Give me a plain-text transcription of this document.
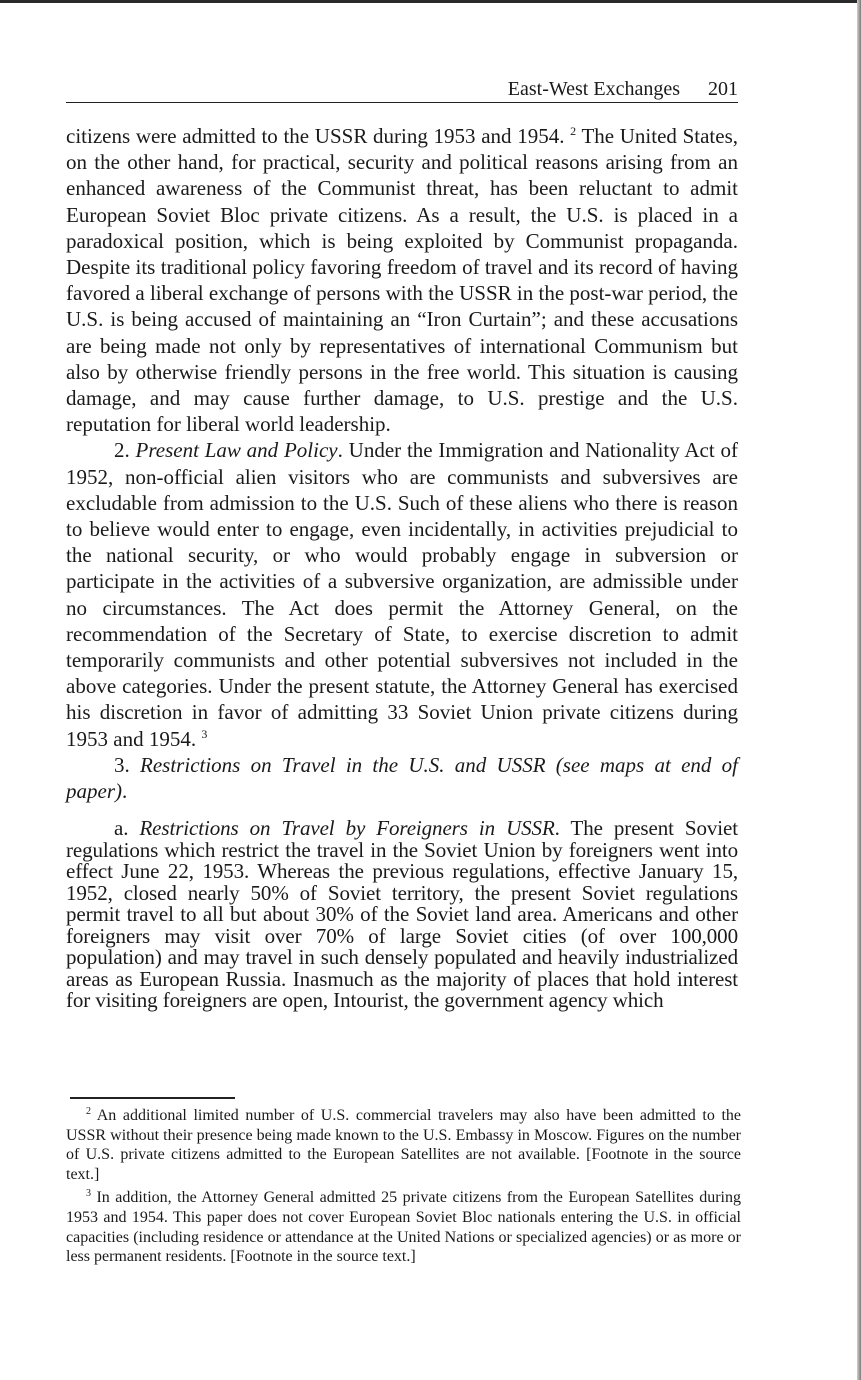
East-West Exchanges 201

citizens were admitted to the USSR during 1953 and 1954. $^2$ The United States, on the other hand, for practical, security and political reasons arising from an enhanced awareness of the Communist threat, has been reluctant to admit European Soviet Bloc private citizens. As a result, the U.S. is placed in a paradoxical position, which is being exploited by Communist propaganda. Despite its traditional policy favoring freedom of travel and its record of having favored a liberal exchange of persons with the USSR in the post-war period, the U.S. is being accused of maintaining an “Iron Curtain”; and these accusations are being made not only by representatives of international Communism but also by otherwise friendly persons in the free world. This situation is causing damage, and may cause further damage, to U.S. prestige and the U.S. reputation for liberal world leadership.

2. Present Law and Policy. Under the Immigration and Nationality Act of 1952, non-official alien visitors who are communists and subversives are excludable from admission to the U.S. Such of these aliens who there is reason to believe would enter to engage, even incidentally, in activities prejudicial to the national security, or who would probably engage in subversion or participate in the activities of a subversive organization, are admissible under no circumstances. The Act does permit the Attorney General, on the recommendation of the Secretary of State, to exercise discretion to admit temporarily communists and other potential subversives not included in the above categories. Under the present statute, the Attorney General has exercised his discretion in favor of admitting 33 Soviet Union private citizens during 1953 and 1954. $^3$

3. Restrictions on Travel in the U.S. and USSR (see maps at end of paper).

a. Restrictions on Travel by Foreigners in USSR. The present Soviet regulations which restrict the travel in the Soviet Union by foreigners went into effect June 22, 1953. Whereas the previous regulations, effective January 15, 1952, closed nearly 50% of Soviet territory, the present Soviet regulations permit travel to all but about 30% of the Soviet land area. Americans and other foreigners may visit over 70% of large Soviet cities (of over 100,000 population) and may travel in such densely populated and heavily industrialized areas as European Russia. Inasmuch as the majority of places that hold interest for visiting foreigners are open, Intourist, the government agency which

$^2$ An additional limited number of U.S. commercial travelers may also have been admitted to the USSR without their presence being made known to the U.S. Embassy in Moscow. Figures on the number of U.S. private citizens admitted to the European Satellites are not available. [Footnote in the source text.]

$^3$ In addition, the Attorney General admitted 25 private citizens from the European Satellites during 1953 and 1954. This paper does not cover European Soviet Bloc nationals entering the U.S. in official capacities (including residence or attendance at the United Nations or specialized agencies) or as more or less permanent residents. [Footnote in the source text.]
